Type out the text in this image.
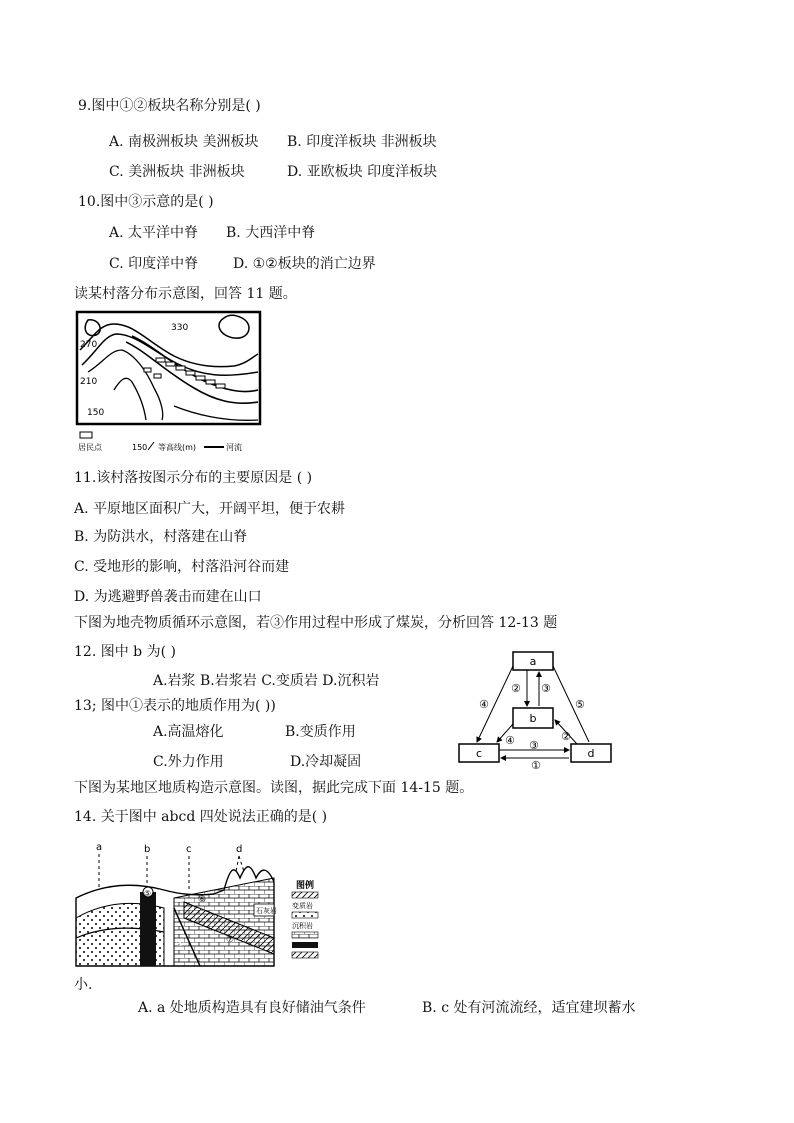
9.图中①②板块名称分别是( )
A. 南极洲板块 美洲板块 B. 印度洋板块 非洲板块
C. 美洲板块 非洲板块	D. 亚欧板块 印度洋板块
10.图中③示意的是( )
A. 太平洋中脊 B. 大西洋中脊
C. 印度洋中脊 D. ①②板块的消亡边界
读某村落分布示意图，回答 11 题。
330
270
210
150
居民点	150 等高线(m)	河流
11.该村落按图示分布的主要原因是 ( )
A. 平原地区面积广大，开阔平坦，便于农耕
B. 为防洪水，村落建在山脊
C. 受地形的影响，村落沿河谷而建
D. 为逃避野兽袭击而建在山口
下图为地壳物质循环示意图，若③作用过程中形成了煤炭，分析回答 12-13 题
12. 图中 b 为( )
A.岩浆 B.岩浆岩 C.变质岩 D.沉积岩
13; 图中①表示的地质作用为( ))
A.高温熔化	B.变质作用
C.外力作用	D.冷却凝固
a
b
c	d
② ③
④	⑤
④ ③
②
①
下图为某地区地质构造示意图。读图，据此完成下面 14-15 题。
14. 关于图中 abcd 四处说法正确的是( )
a	b	c	d
石灰岩
⑤
⑥
④	⑦
图例
变质岩
沉积岩
小.
A. a 处地质构造具有良好储油气条件	B. c 处有河流流经，适宜建坝蓄水
